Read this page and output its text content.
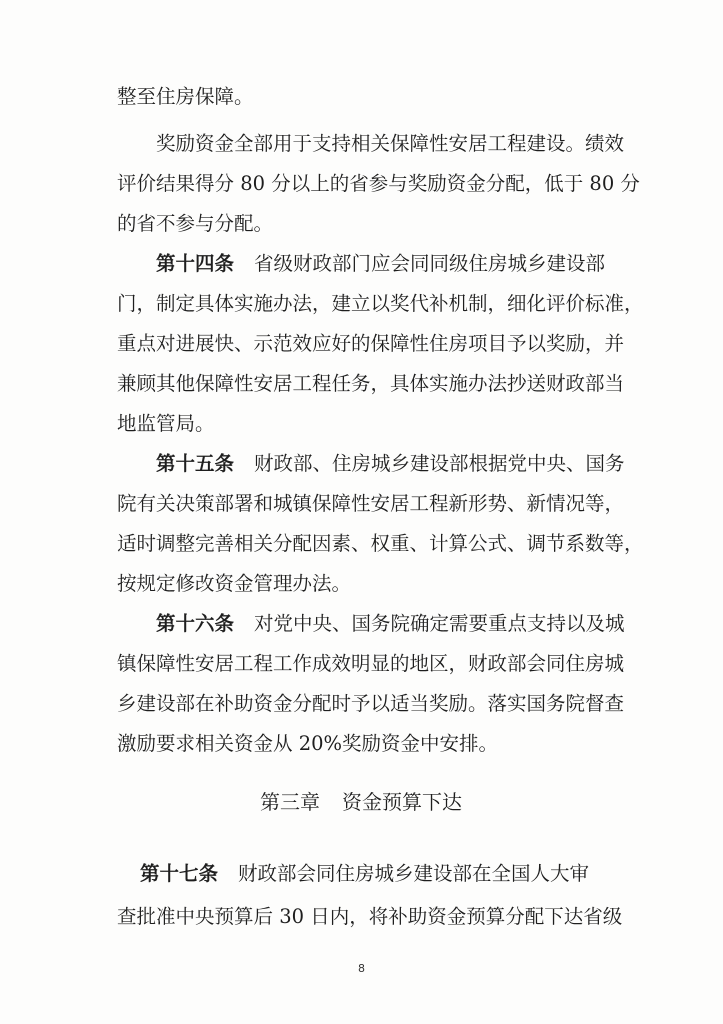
整至住房保障。
奖励资金全部用于支持相关保障性安居工程建设。绩效
评价结果得分 80 分以上的省参与奖励资金分配，低于 80 分
的省不参与分配。
第十四条 省级财政部门应会同同级住房城乡建设部
门，制定具体实施办法，建立以奖代补机制，细化评价标准，
重点对进展快、示范效应好的保障性住房项目予以奖励，并
兼顾其他保障性安居工程任务，具体实施办法抄送财政部当
地监管局。
第十五条 财政部、住房城乡建设部根据党中央、国务
院有关决策部署和城镇保障性安居工程新形势、新情况等，
适时调整完善相关分配因素、权重、计算公式、调节系数等，
按规定修改资金管理办法。
第十六条 对党中央、国务院确定需要重点支持以及城
镇保障性安居工程工作成效明显的地区，财政部会同住房城
乡建设部在补助资金分配时予以适当奖励。落实国务院督查
激励要求相关资金从 20%奖励资金中安排。
第三章 资金预算下达
第十七条 财政部会同住房城乡建设部在全国人大审
查批准中央预算后 30 日内，将补助资金预算分配下达省级
8
